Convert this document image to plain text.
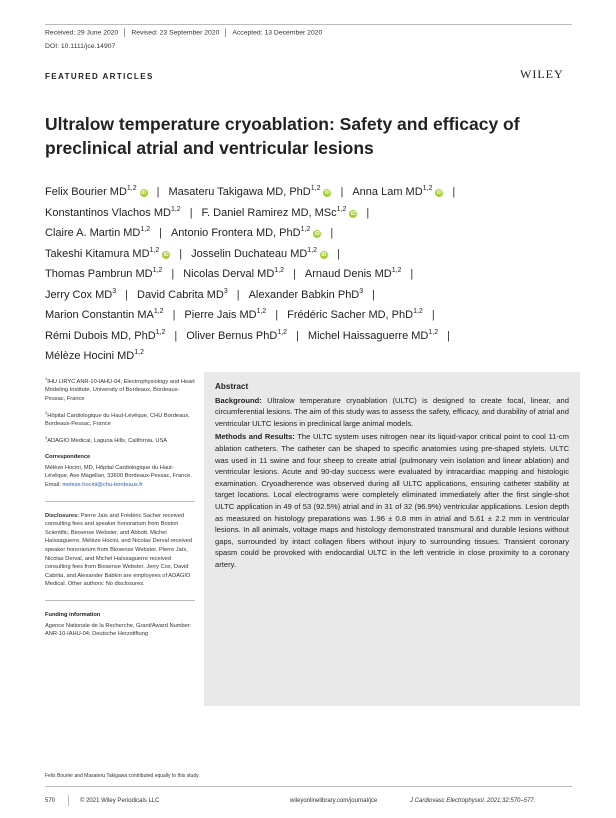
Received: 29 June 2020 Revised: 23 September 2020 Accepted: 13 December 2020
DOI: 10.1111/jce.14907
FEATURED ARTICLES	WILEY
Ultralow temperature cryoablation: Safety and efficacy of preclinical atrial and ventricular lesions
Felix Bourier MD$^{1,2}$iD | Masateru Takigawa MD, PhD$^{1,2}$iD | Anna Lam MD$^{1,2}$iD |
Konstantinos Vlachos MD$^{1,2}$ | F. Daniel Ramirez MD, MSc$^{1,2}$iD |
Claire A. Martin MD$^{1,2}$ | Antonio Frontera MD, PhD$^{1,2}$iD |
Takeshi Kitamura MD$^{1,2}$iD | Josselin Duchateau MD$^{1,2}$iD |
Thomas Pambrun MD$^{1,2}$ | Nicolas Derval MD$^{1,2}$ | Arnaud Denis MD$^{1,2}$ |
Jerry Cox $MD^3$ | David Cabrita $MD^3$ | Alexander Babkin PhD$^3$ |
Marion Constantin MA$^{1,2}$ | Pierre Jais MD$^{1,2}$ | Frédéric Sacher MD, PhD$^{1,2}$ |
Rémi Dubois MD, PhD$^{1,2}$ | Oliver Bernus PhD$^{1,2}$ | Michel Haissaguerre MD$^{1,2}$ |
Mélèze Hocini MD$^{1,2}$

$^1$IHU LIRYC ANR-10-IAHU-04, Electrophysiology and Heart Modeling Institute, University of Bordeaux, Bordeaux-Pessac, France

$^2$Hôpital Cardiologique du Haut-Lévêque, CHU Bordeaux, Bordeaux-Pessac, France

$^3$ADAGIO Medical, Laguna Hills, California, USA

Correspondence

Mélèze Hocini, MD, Hôpital Cardiologique du Haut-Lévêque, Ave Magellan, 33600 Bordeaux-Pessac, France.

Email: meleze.hocini@chu-bordeaux.fr

Disclosures: Pierre Jaïs and Frédéric Sacher received consulting fees and speaker honorarium from Boston Scientific, Biosense Webster, and Abbott. Michel Haïssaguerre, Mélèze Hocini, and Nicolas Derval received speaker honorarium from Biosense Webster. Pierre Jaïs, Nicolas Derval, and Michel Haïssaguerre received consulting fees from Biosense Webster. Jerry Cox, David Cabrita, and Alexander Babkin are employees of ADAGIO Medical. Other authors: No disclosures.

Funding information

Agence Nationale de la Recherche, Grant/Award Number: ANR-10-IAHU-04; Deutsche Herzstiftung

Abstract

Background: Ultralow temperature cryoablation (ULTC) is designed to create focal, linear, and circumferential lesions. The aim of this study was to assess the safety, efficacy, and durability of atrial and ventricular ULTC lesions in preclinical large animal models.

Methods and Results: The ULTC system uses nitrogen near its liquid-vapor critical point to cool 11-cm ablation catheters. The catheter can be shaped to specific anatomies using pre-shaped stylets. ULTC was used in 11 swine and four sheep to create atrial (pulmonary vein isolation and linear ablation) and ventricular lesions. Acute and 90-day success were evaluated by intracardiac mapping and histologic examination. Cryoadherence was observed during all ULTC applications, ensuring catheter stability at target locations. Local electrograms were completely eliminated immediately after the first single-shot ULTC application in 49 of 53 (92.5%) atrial and in 31 of 32 (96.9%) ventricular applications. Lesion depth as measured on histology preparations was 1.96 ± 0.8 mm in atrial and 5.61 ± 2.2 mm in ventricular lesions. In all animals, voltage maps and histology demonstrated transmural and durable lesions without gaps, surrounded by intact collagen fibers without injury to surrounding tissues. Transient coronary spasm could be provoked with endocardial ULTC in the left ventricle in close proximity to a coronary artery.

Felix Bourier and Masateru Takigawa contributed equally to this study.
570	© 2021 Wiley Periodicals LLC	wileyonlinelibrary.com/journal/jce	J Cardiovasc Electrophysiol. 2021;32:570–577.
